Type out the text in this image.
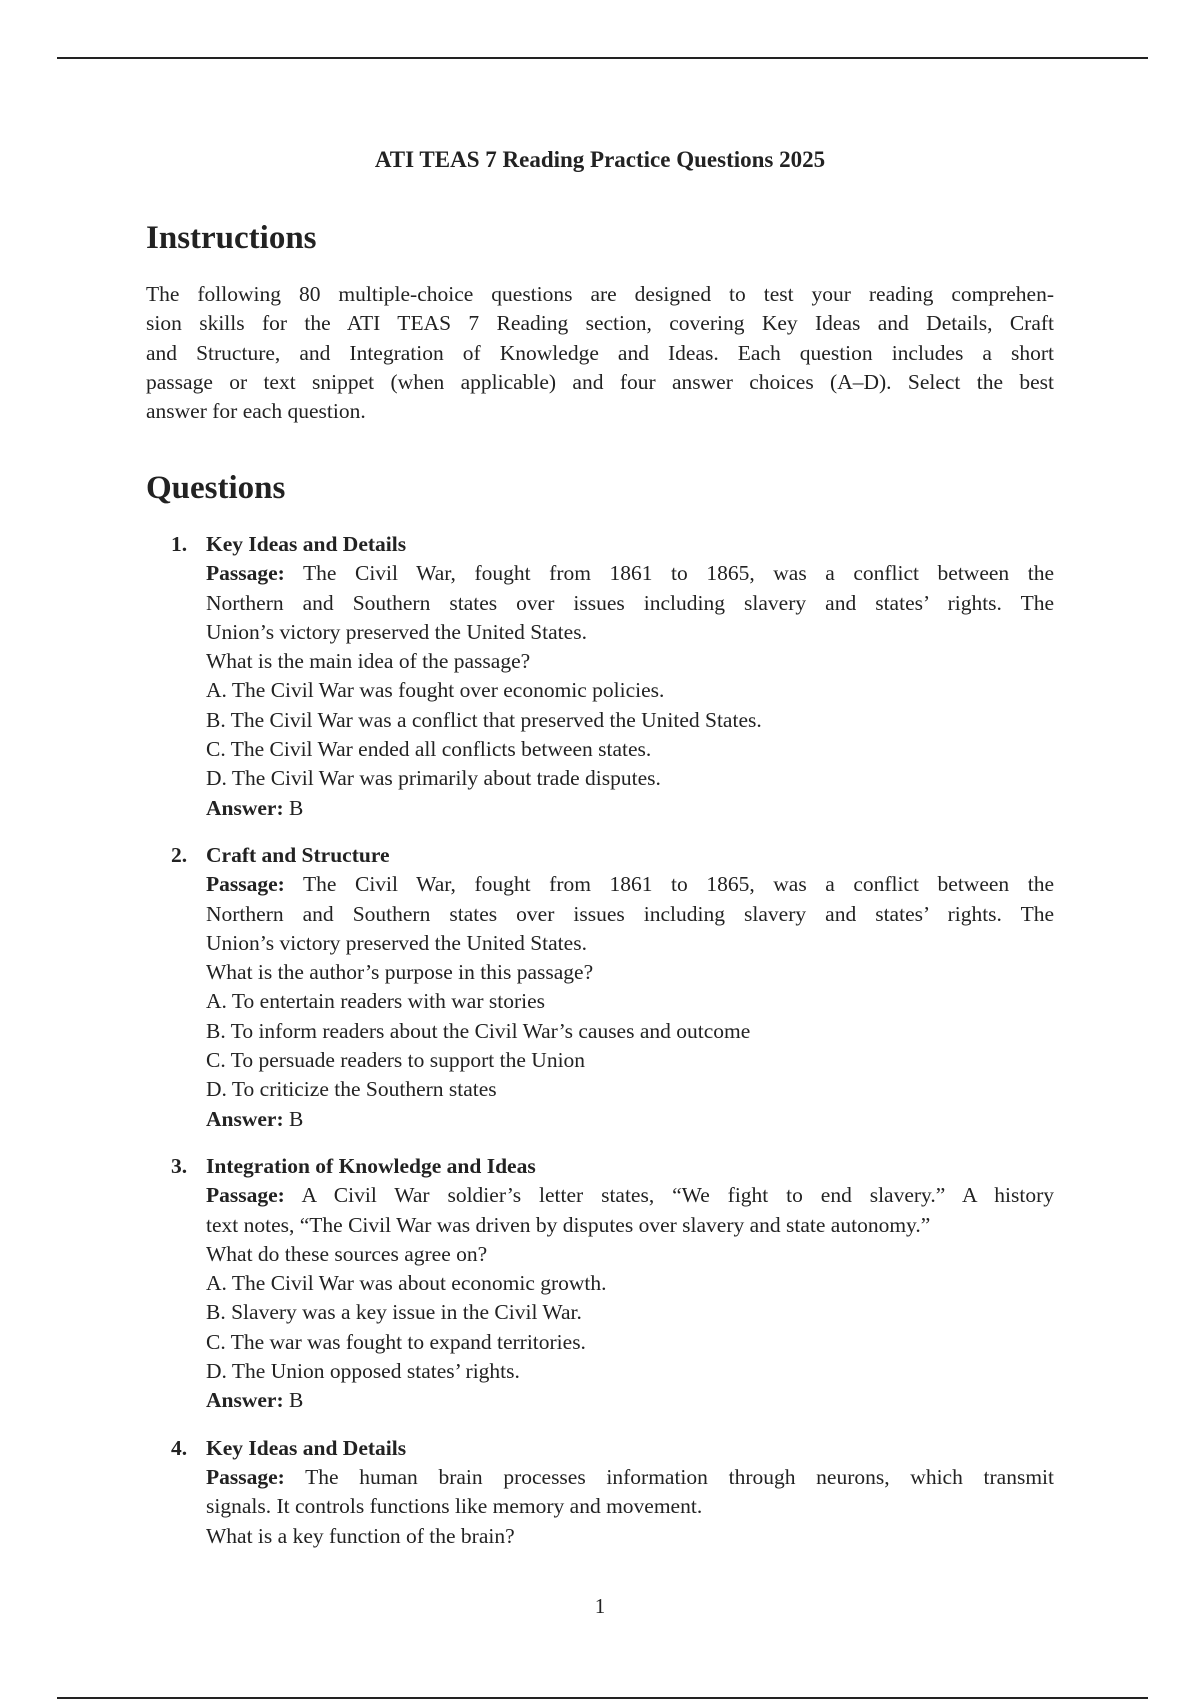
ATI TEAS 7 Reading Practice Questions 2025
Instructions
The following 80 multiple-choice questions are designed to test your reading comprehen-
sion skills for the ATI TEAS 7 Reading section, covering Key Ideas and Details, Craft
and Structure, and Integration of Knowledge and Ideas. Each question includes a short
passage or text snippet (when applicable) and four answer choices (A–D). Select the best
answer for each question.
Questions
1. Key Ideas and Details
Passage: The Civil War, fought from 1861 to 1865, was a conflict between the
Northern and Southern states over issues including slavery and states’ rights. The
Union’s victory preserved the United States.
What is the main idea of the passage?
A. The Civil War was fought over economic policies.
B. The Civil War was a conflict that preserved the United States.
C. The Civil War ended all conflicts between states.
D. The Civil War was primarily about trade disputes.
Answer: B
2. Craft and Structure
Passage: The Civil War, fought from 1861 to 1865, was a conflict between the
Northern and Southern states over issues including slavery and states’ rights. The
Union’s victory preserved the United States.
What is the author’s purpose in this passage?
A. To entertain readers with war stories
B. To inform readers about the Civil War’s causes and outcome
C. To persuade readers to support the Union
D. To criticize the Southern states
Answer: B
3. Integration of Knowledge and Ideas
Passage: A Civil War soldier’s letter states, “We fight to end slavery.” A history
text notes, “The Civil War was driven by disputes over slavery and state autonomy.”
What do these sources agree on?
A. The Civil War was about economic growth.
B. Slavery was a key issue in the Civil War.
C. The war was fought to expand territories.
D. The Union opposed states’ rights.
Answer: B
4. Key Ideas and Details
Passage: The human brain processes information through neurons, which transmit
signals. It controls functions like memory and movement.
What is a key function of the brain?
1
